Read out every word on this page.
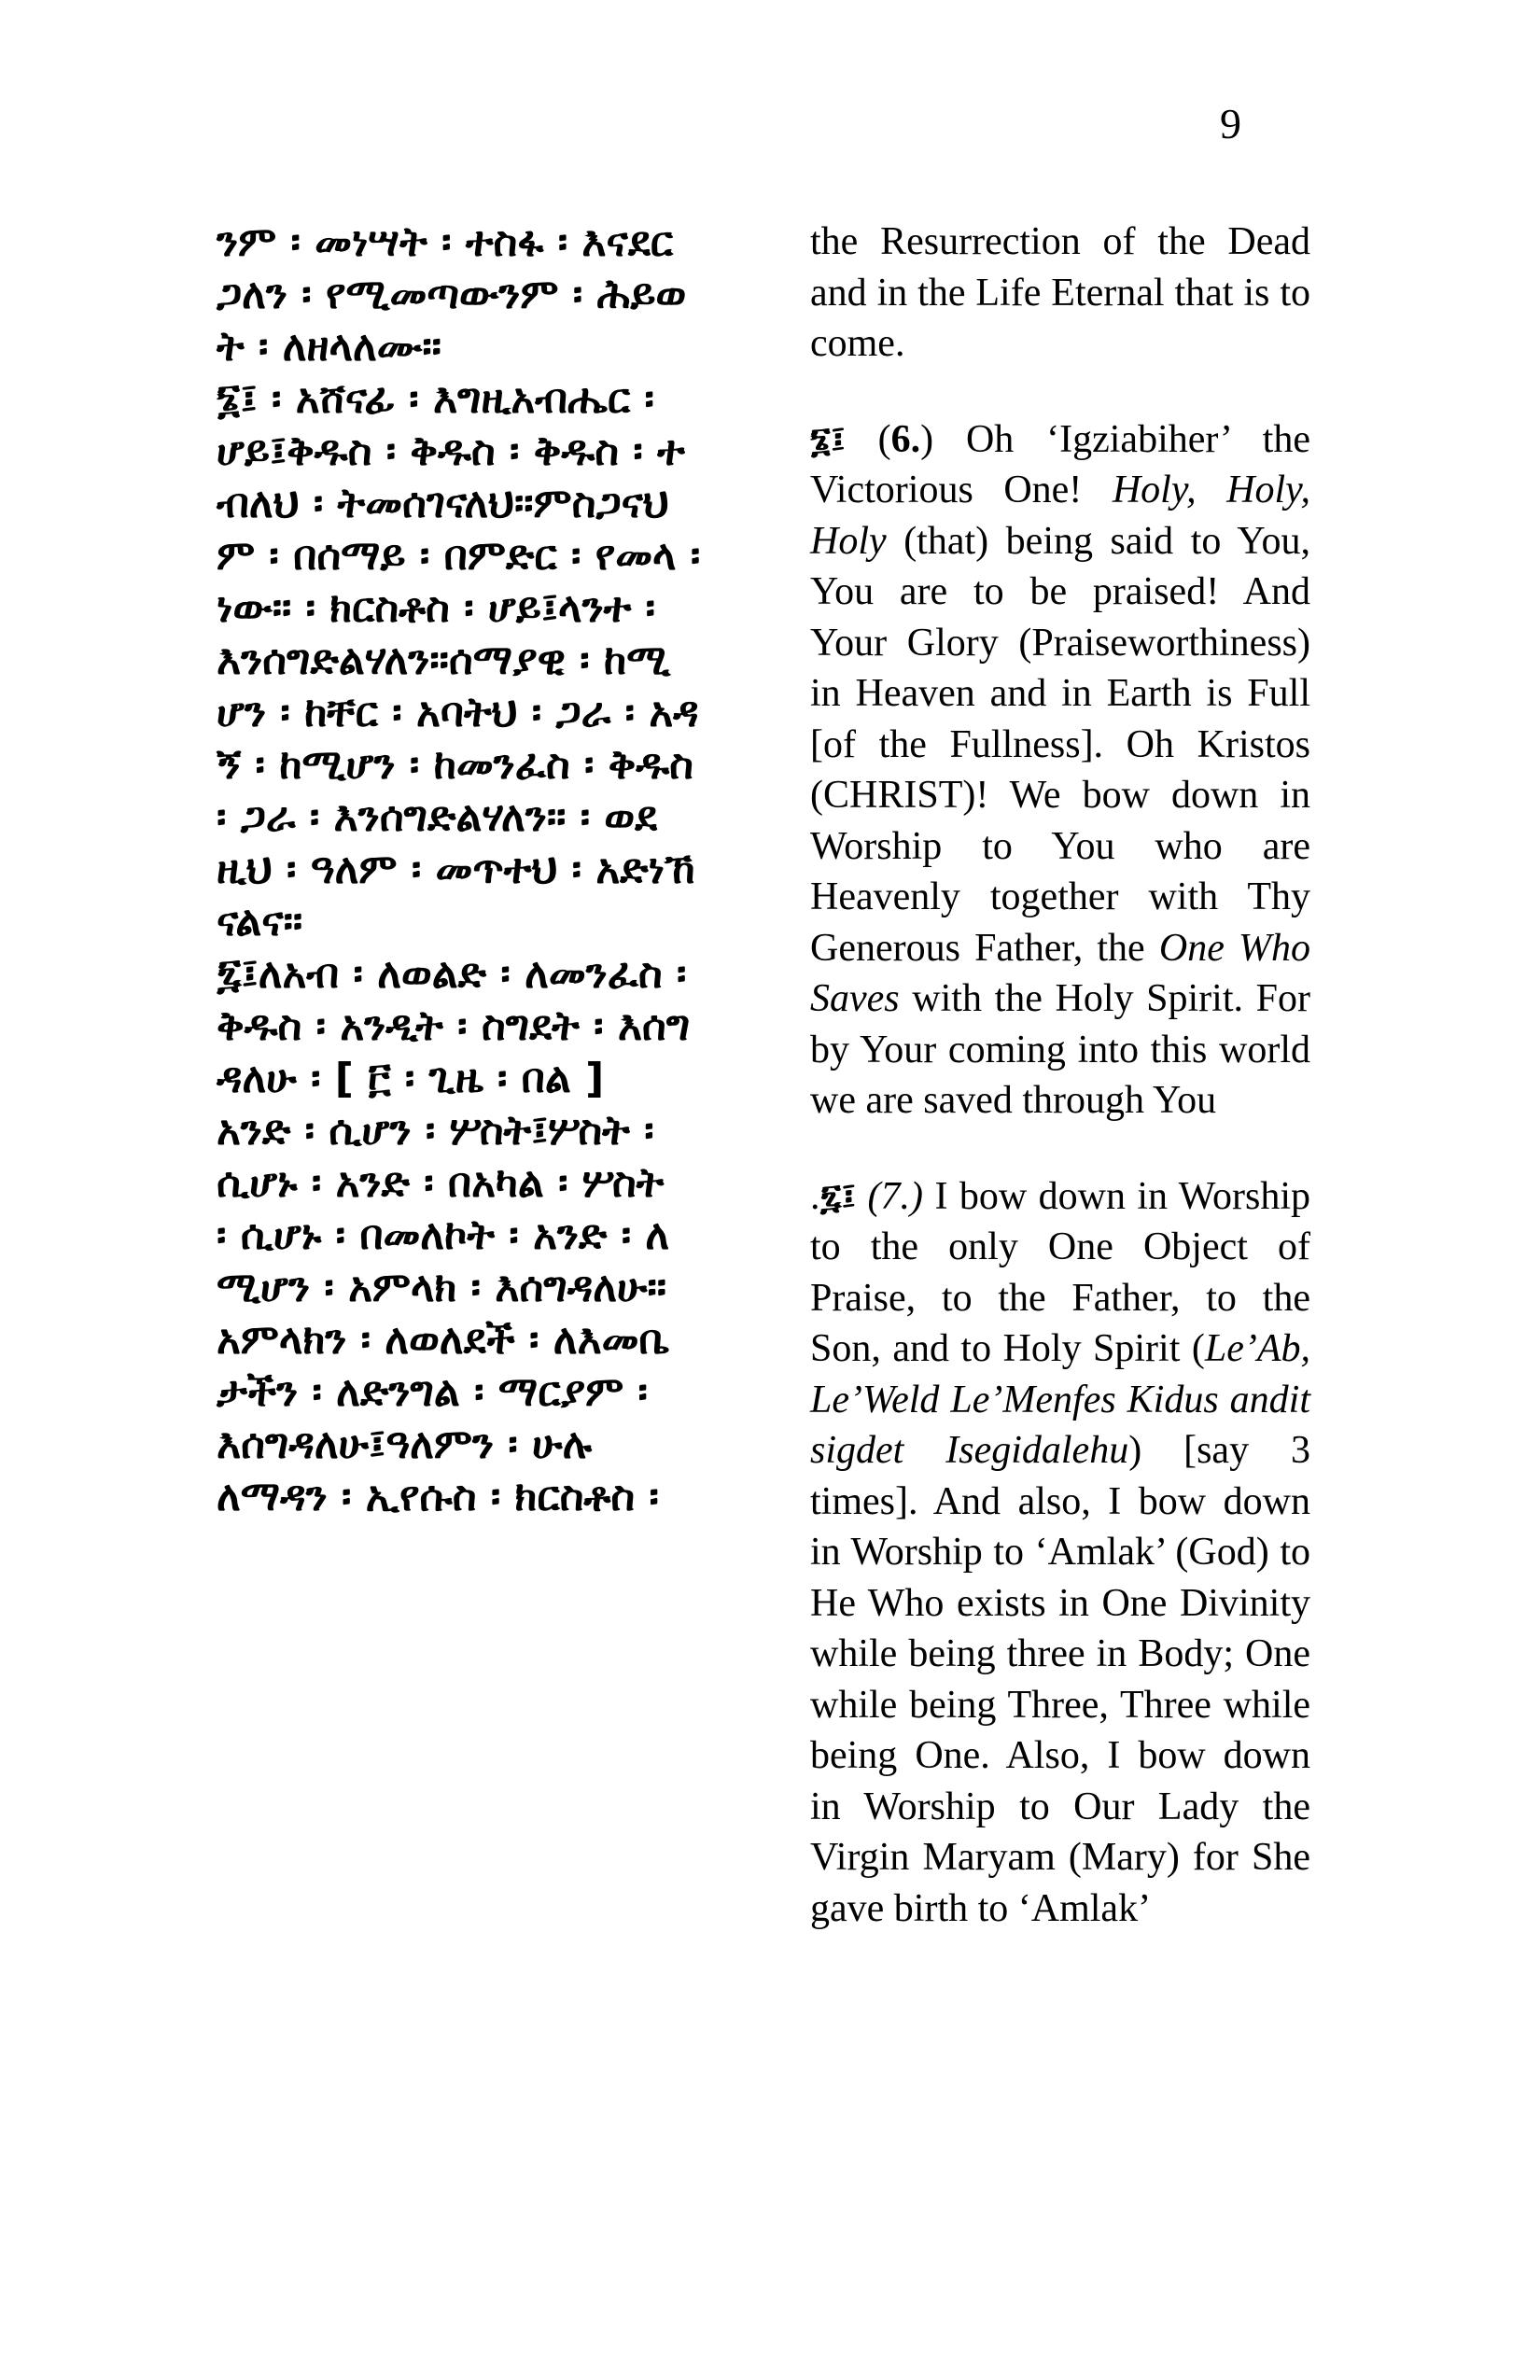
9
ንም ፡ መነሣት ፡ ተስፋ ፡ እናደር
ጋለን ፡ የሚመጣውንም ፡ ሕይወ
ት ፡ ለዘላለሙ።
፮፤ ፡ አሸናፊ ፡ እግዚአብሔር ፡
ሆይ፤ቅዱስ ፡ ቅዱስ ፡ ቅዱስ ፡ ተ
ብለህ ፡ ትመሰገናለህ።ምስጋናህ
ም ፡ በሰማይ ፡ በምድር ፡ የመላ ፡
ነው። ፡ ክርስቶስ ፡ ሆይ፤ላንተ ፡
እንሰግድልሃለን።ሰማያዊ ፡ ከሚ
ሆን ፡ ከቸር ፡ አባትህ ፡ ጋራ ፡ አዳ
ኝ ፡ ከሚሆን ፡ ከመንፈስ ፡ ቅዱስ
፡ ጋራ ፡ እንሰግድልሃለን። ፡ ወደ
ዚህ ፡ ዓለም ፡ መጥተህ ፡ አድነኸ
ናልና።
፯፤ለአብ ፡ ለወልድ ፡ ለመንፈስ ፡
ቅዱስ ፡ አንዲት ፡ ስግደት ፡ እሰግ
ዳለሁ ፡ [ ፫ ፡ ጊዜ ፡ በል ]
አንድ ፡ ሲሆን ፡ ሦስት፤ሦስት ፡
ሲሆኑ ፡ አንድ ፡ በአካል ፡ ሦስት
፡ ሲሆኑ ፡ በመለኮት ፡ አንድ ፡ ለ
ሚሆን ፡ አምላክ ፡ እሰግዳለሁ።
አምላክን ፡ ለወለደች ፡ ለእመቤ
ታችን ፡ ለድንግል ፡ ማርያም ፡
እሰግዳለሁ፤ዓለምን ፡ ሁሉ
ለማዳን ፡ ኢየሱስ ፡ ክርስቶስ ፡

the Resurrection of the Dead and in the Life Eternal that is to come.

፮፤ (6.) Oh ‘Igziabiher’ the Victorious One! Holy, Holy, Holy (that) being said to You, You are to be praised! And Your Glory (Praiseworthiness) in Heaven and in Earth is Full [of the Fullness]. Oh Kristos (CHRIST)! We bow down in Worship to You who are Heavenly together with Thy Generous Father, the One Who Saves with the Holy Spirit. For by Your coming into this world we are saved through You

.፯፤ (7.) I bow down in Worship to the only One Object of Praise, to the Father, to the Son, and to Holy Spirit (Le’Ab, Le’Weld Le’Menfes Kidus andit sigdet Isegidalehu) [say 3 times]. And also, I bow down in Worship to ‘Amlak’ (God) to He Who exists in One Divinity while being three in Body; One while being Three, Three while being One. Also, I bow down in Worship to Our Lady the Virgin Maryam (Mary) for She gave birth to ‘Amlak’
